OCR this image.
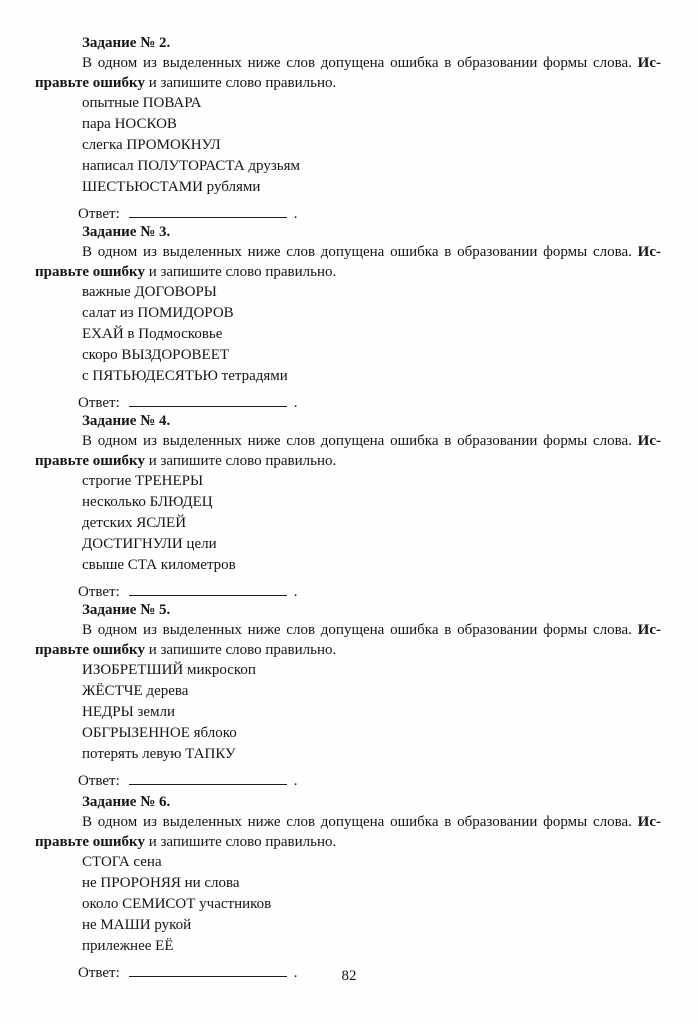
Задание № 2.
В одном из выделенных ниже слов допущена ошибка в образовании формы слова. Ис-
правьте ошибку и запишите слово правильно.
опытные ПОВАРА
пара НОСКОВ
слегка ПРОМОКНУЛ
написал ПОЛУТОРАСТА друзьям
ШЕСТЬЮСТАМИ рублями
Ответ:	.
Задание № 3.
В одном из выделенных ниже слов допущена ошибка в образовании формы слова. Ис-
правьте ошибку и запишите слово правильно.
важные ДОГОВОРЫ
салат из ПОМИДОРОВ
ЕХАЙ в Подмосковье
скоро ВЫЗДОРОВЕЕТ
с ПЯТЬЮДЕСЯТЬЮ тетрадями
Ответ:	.
Задание № 4.
В одном из выделенных ниже слов допущена ошибка в образовании формы слова. Ис-
правьте ошибку и запишите слово правильно.
строгие ТРЕНЕРЫ
несколько БЛЮДЕЦ
детских ЯСЛЕЙ
ДОСТИГНУЛИ цели
свыше СТА километров
Ответ:	.
Задание № 5.
В одном из выделенных ниже слов допущена ошибка в образовании формы слова. Ис-
правьте ошибку и запишите слово правильно.
ИЗОБРЕТШИЙ микроскоп
ЖЁСТЧЕ дерева
НЕДРЫ земли
ОБГРЫЗЕННОЕ яблоко
потерять левую ТАПКУ
Ответ:	.
Задание № 6.
В одном из выделенных ниже слов допущена ошибка в образовании формы слова. Ис-
правьте ошибку и запишите слово правильно.
СТОГА сена
не ПРОРОНЯЯ ни слова
около СЕМИСОТ участников
не МАШИ рукой
прилежнее ЕЁ
Ответ:	.	82
